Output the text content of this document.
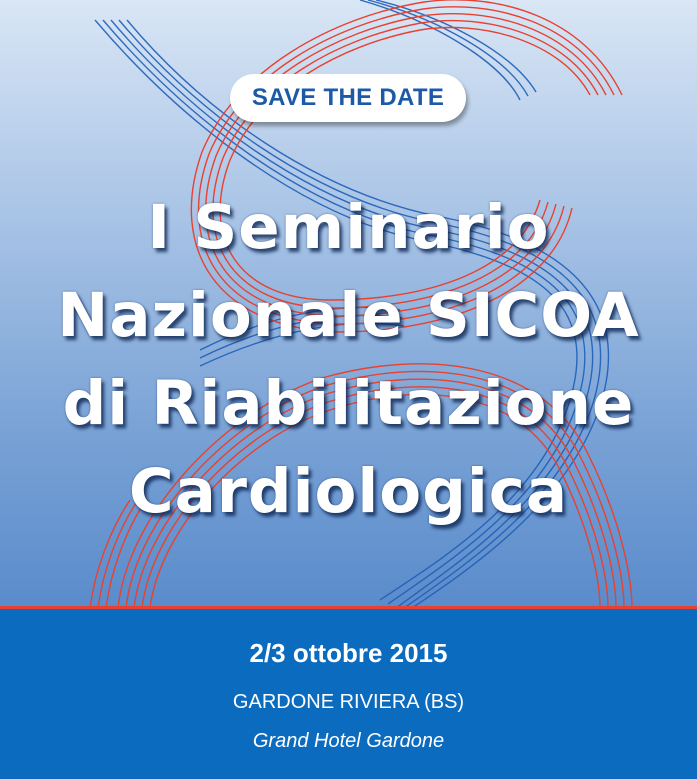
SAVE THE DATE
I Seminario
Nazionale SICOA
di Riabilitazione
Cardiologica
2/3 ottobre 2015
GARDONE RIVIERA (BS)
Grand Hotel Gardone
